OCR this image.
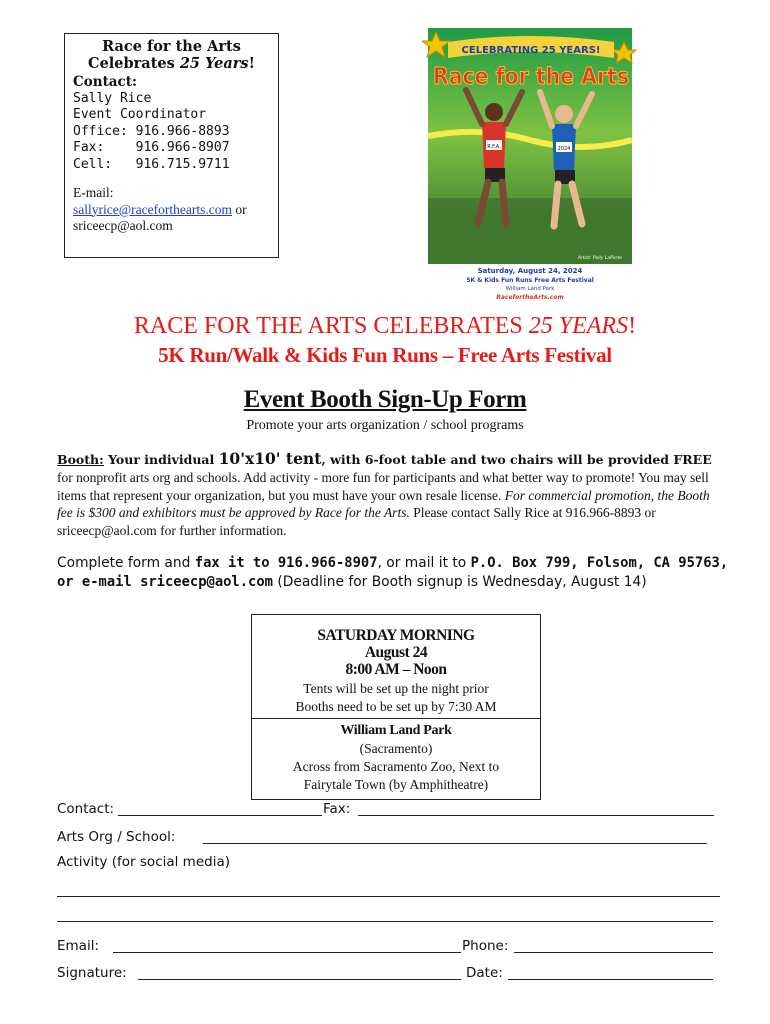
Race for the Arts
Celebrates 25 Years!
Contact:
Sally Rice
Event Coordinator
Office: 916.966-8893
Fax:    916.966-8907
Cell:   916.715.9711
E-mail:
sallyrice@raceforthearts.com or
sriceecp@aol.com
CELEBRATING 25 YEARS!
Race for the Arts
R.F.A.	2024
Artist: Polly LaPorte
Saturday, August 24, 2024
5K & Kids Fun Runs Free Arts Festival
William Land Park
RacefortheArts.com
RACE FOR THE ARTS CELEBRATES 25 YEARS!
5K Run/Walk & Kids Fun Runs – Free Arts Festival
Event Booth Sign-Up Form
Promote your arts organization / school programs
Booth: Your individual 10'x10' tent, with 6-foot table and two chairs will be provided FREE for nonprofit arts org and schools. Add activity - more fun for participants and what better way to promote! You may sell items that represent your organization, but you must have your own resale license. For commercial promotion, the Booth fee is $300 and exhibitors must be approved by Race for the Arts. Please contact Sally Rice at 916.966-8893 or sriceecp@aol.com for further information.
Complete form and fax it to 916.966-8907, or mail it to P.O. Box 799, Folsom, CA 95763, or e-mail sriceecp@aol.com (Deadline for Booth signup is Wednesday, August 14)
SATURDAY MORNING
August 24
8:00 AM – Noon
Tents will be set up the night prior
Booths need to be set up by 7:30 AM
William Land Park
(Sacramento)
Across from Sacramento Zoo, Next to
Fairytale Town (by Amphitheatre)
Contact:	Fax:
Arts Org / School:
Activity (for social media)
Email:	Phone:
Signature:	Date:
